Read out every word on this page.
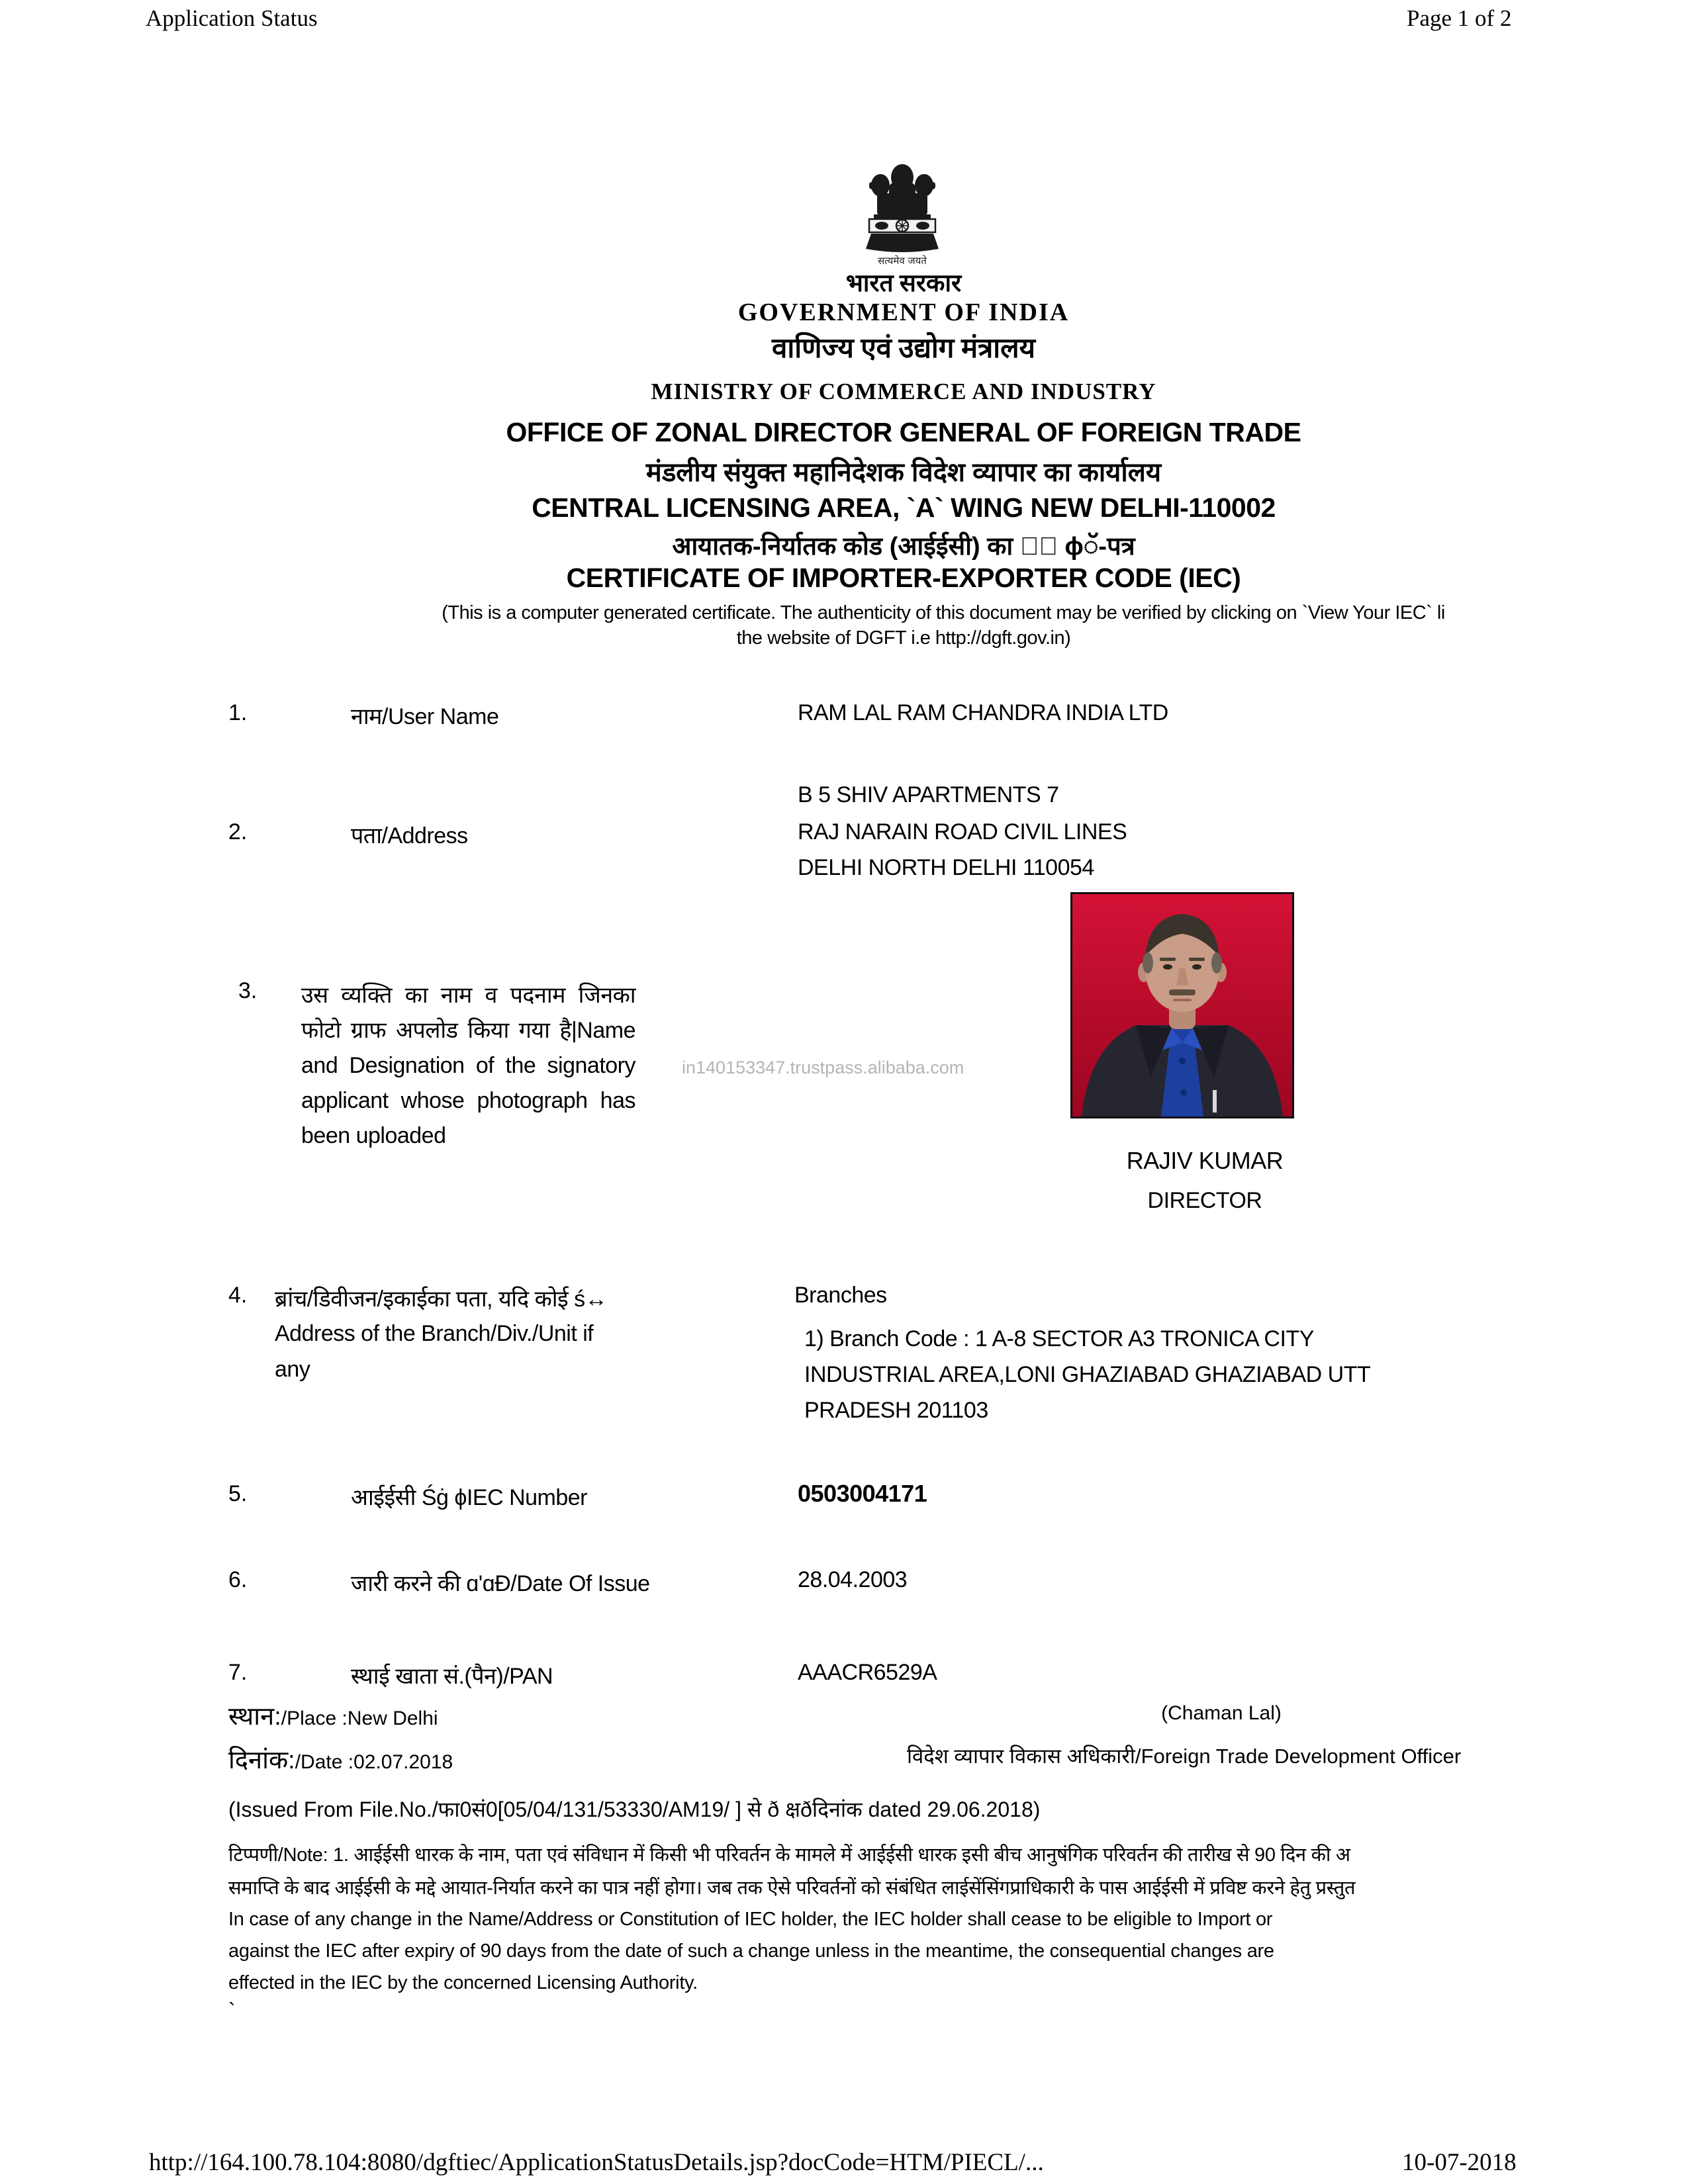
Application Status	Page 1 of 2
सत्यमेव जयते
भारत सरकार
GOVERNMENT OF INDIA
वाणिज्य एवं उद्योग मंत्रालय
MINISTRY OF COMMERCE AND INDUSTRY
OFFICE OF ZONAL DIRECTOR GENERAL OF FOREIGN TRADE
मंडलीय संयुक्त महानिदेशक विदेश व्यापार का कार्यालय
CENTRAL LICENSING AREA, `A` WING NEW DELHI-110002
आयातक-निर्यातक कोड (आईईसी) का ◼ः ϕॅ-पत्र
CERTIFICATE OF IMPORTER-EXPORTER CODE (IEC)
(This is a computer generated certificate. The authenticity of this document may be verified by clicking on `View Your IEC` li
the website of DGFT i.e http://dgft.gov.in)
1.	नाम/User Name	RAM LAL RAM CHANDRA INDIA LTD
B 5 SHIV APARTMENTS 7
2.	पता/Address	RAJ NARAIN ROAD CIVIL LINES
DELHI NORTH DELHI 110054
3. उस व्यक्ति का नाम व पदनाम जिनका फोटो ग्राफ अपलोड किया गया है|Name and Designation of the signatory applicant whose photograph has been uploaded
in140153347.trustpass.alibaba.com
RAJIV KUMAR
DIRECTOR
4. ब्रांच/डिवीजन/इकाईका पता, यदि कोई ś↔
Address of the Branch/Div./Unit if
any
Branches
1) Branch Code : 1 A-8 SECTOR A3 TRONICA CITY
INDUSTRIAL AREA,LONI GHAZIABAD GHAZIABAD UTT
PRADESH 201103
5.	आईईसी Śġ ϕIEC Number	0503004171
6.	जारी करने की ɑ'ɑÐ/Date Of Issue	28.04.2003
7.	स्थाई खाता सं.(पैन)/PAN	AAACR6529A
स्थान:/Place :New Delhi	(Chaman Lal)
दिनांक:/Date :02.07.2018	विदेश व्यापार विकास अधिकारी/Foreign Trade Development Officer
(Issued From File.No./फा0सं0[05/04/131/53330/AM19/ ] से ð क्षðदिनांक dated 29.06.2018)
टिप्पणी/Note: 1. आईईसी धारक के नाम, पता एवं संविधान में किसी भी परिवर्तन के मामले में आईईसी धारक इसी बीच आनुषंगिक परिवर्तन की तारीख से 90 दिन की अ
समाप्ति के बाद आईईसी के मद्दे आयात-निर्यात करने का पात्र नहीं होगा। जब तक ऐसे परिवर्तनों को संबंधित लाईसेंसिंगप्राधिकारी के पास आईईसी में प्रविष्ट करने हेतु प्रस्तुत
In case of any change in the Name/Address or Constitution of IEC holder, the IEC holder shall cease to be eligible to Import or
against the IEC after expiry of 90 days from the date of such a change unless in the meantime, the consequential changes are
effected in the IEC by the concerned Licensing Authority.
`
http://164.100.78.104:8080/dgftiec/ApplicationStatusDetails.jsp?docCode=HTM/PIECL/...	10-07-2018
